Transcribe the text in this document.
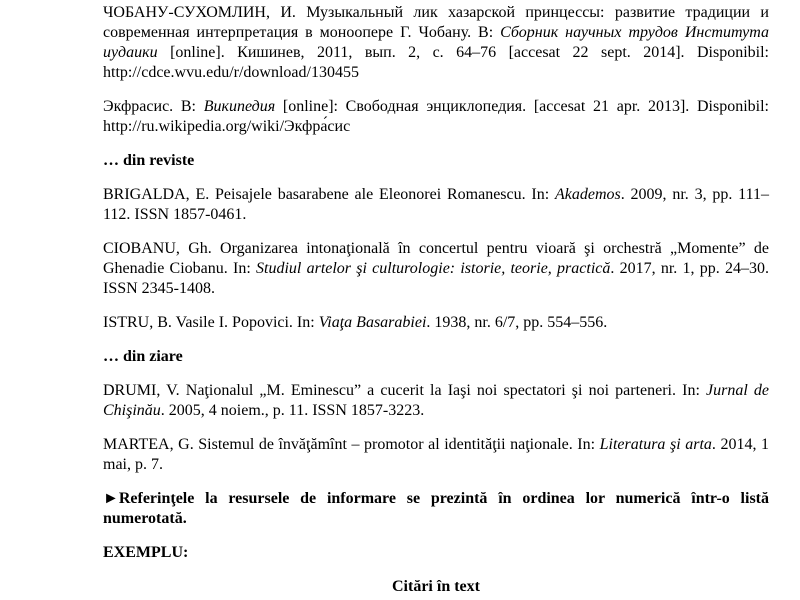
ЧОБАНУ-СУХОМЛИН, И. Музыкальный лик хазарской принцессы: развитие традиции и современная интерпретация в моноопере Г. Чобану. В: Сборник научных трудов Института иудаики [online]. Кишинев, 2011, вып. 2, с. 64–76 [accesat 22 sept. 2014]. Disponibil: http://cdce.wvu.edu/r/download/130455

Экфрасис. В: Википедия [online]: Свободная энциклопедия. [accesat 21 apr. 2013]. Disponibil: http://ru.wikipedia.org/wiki/Экфра́сис

… din reviste

BRIGALDA, E. Peisajele basarabene ale Eleonorei Romanescu. In: Akademos. 2009, nr. 3, pp. 111–112. ISSN 1857-0461.

CIOBANU, Gh. Organizarea intonaţională în concertul pentru vioară şi orchestră „Momente” de Ghenadie Ciobanu. In: Studiul artelor şi culturologie: istorie, teorie, practică. 2017, nr. 1, pp. 24–30. ISSN 2345-1408.

ISTRU, B. Vasile I. Popovici. In: Viaţa Basarabiei. 1938, nr. 6/7, pp. 554–556.

… din ziare

DRUMI, V. Naţionalul „M. Eminescu” a cucerit la Iaşi noi spectatori şi noi parteneri. In: Jurnal de Chişinău. 2005, 4 noiem., p. 11. ISSN 1857-3223.

MARTEA, G. Sistemul de învăţămînt – promotor al identităţii naţionale. In: Literatura şi arta. 2014, 1 mai, p. 7.

►Referinţele la resursele de informare se prezintă în ordinea lor numerică într-o listă numerotată.

EXEMPLU:

Citări în text
